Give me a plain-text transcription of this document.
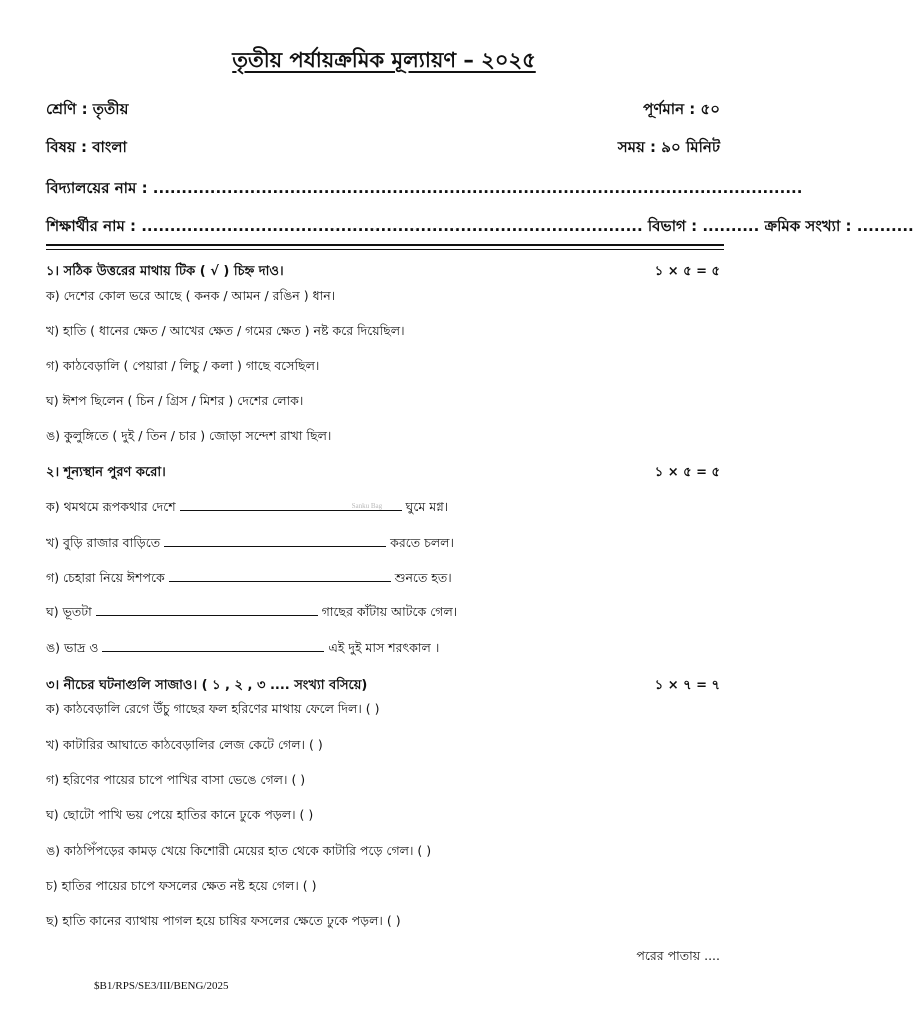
তৃতীয় পর্যায়ক্রমিক মূল্যায়ণ – ২০২৫
শ্রেণি : তৃতীয়	পূর্ণমান : ৫০
বিষয় : বাংলা	সময় : ৯০ মিনিট
বিদ্যালয়ের নাম : ..................................................................................................................
শিক্ষার্থীর নাম : ........................................................................................ বিভাগ : .......... ক্রমিক সংখ্যা : ..........
১। সঠিক উত্তরের মাথায় টিক ( √ ) চিহ্ন দাও।	১ × ৫ = ৫
ক) দেশের কোল ভরে আছে ( কনক / আমন / রঙিন ) ধান।
খ) হাতি ( ধানের ক্ষেত / আখের ক্ষেত / গমের ক্ষেত ) নষ্ট করে দিয়েছিল।
গ) কাঠবেড়ালি ( পেয়ারা / লিচু / কলা ) গাছে বসেছিল।
ঘ) ঈশপ ছিলেন ( চিন / গ্রিস / মিশর ) দেশের লোক।
ঙ) কুলুঙ্গিতে ( দুই / তিন / চার ) জোড়া সন্দেশ রাখা ছিল।
২। শূন্যস্থান পুরণ করো।	১ × ৫ = ৫
ক) থমথমে রূপকথার দেশে	Sanku Bag ঘুমে মগ্ন।
খ) বুড়ি রাজার বাড়িতে	করতে চলল।
গ) চেহারা নিয়ে ঈশপকে	শুনতে হত।
ঘ) ভূতটা	গাছের কাঁটায় আটকে গেল।
ঙ) ভাদ্র ও	এই দুই মাস শরৎকাল ।
৩। নীচের ঘটনাগুলি সাজাও। ( ১ , ২ , ৩ .... সংখ্যা বসিয়ে)	১ × ৭ = ৭
ক) কাঠবেড়ালি রেগে উঁচু গাছের ফল হরিণের মাথায় ফেলে দিল। ( )
খ) কাটারির আঘাতে কাঠবেড়ালির লেজ কেটে গেল। ( )
গ) হরিণের পায়ের চাপে পাখির বাসা ভেঙে গেল। ( )
ঘ) ছোটো পাখি ভয় পেয়ে হাতির কানে ঢুকে পড়ল। ( )
ঙ) কাঠপিঁপড়ের কামড় খেয়ে কিশোরী মেয়ের হাত থেকে কাটারি পড়ে গেল। ( )
চ) হাতির পায়ের চাপে ফসলের ক্ষেত নষ্ট হয়ে গেল। ( )
ছ) হাতি কানের ব্যাথায় পাগল হয়ে চাষির ফসলের ক্ষেতে ঢুকে পড়ল। ( )
পরের পাতায় ....
$B1/RPS/SE3/III/BENG/2025
